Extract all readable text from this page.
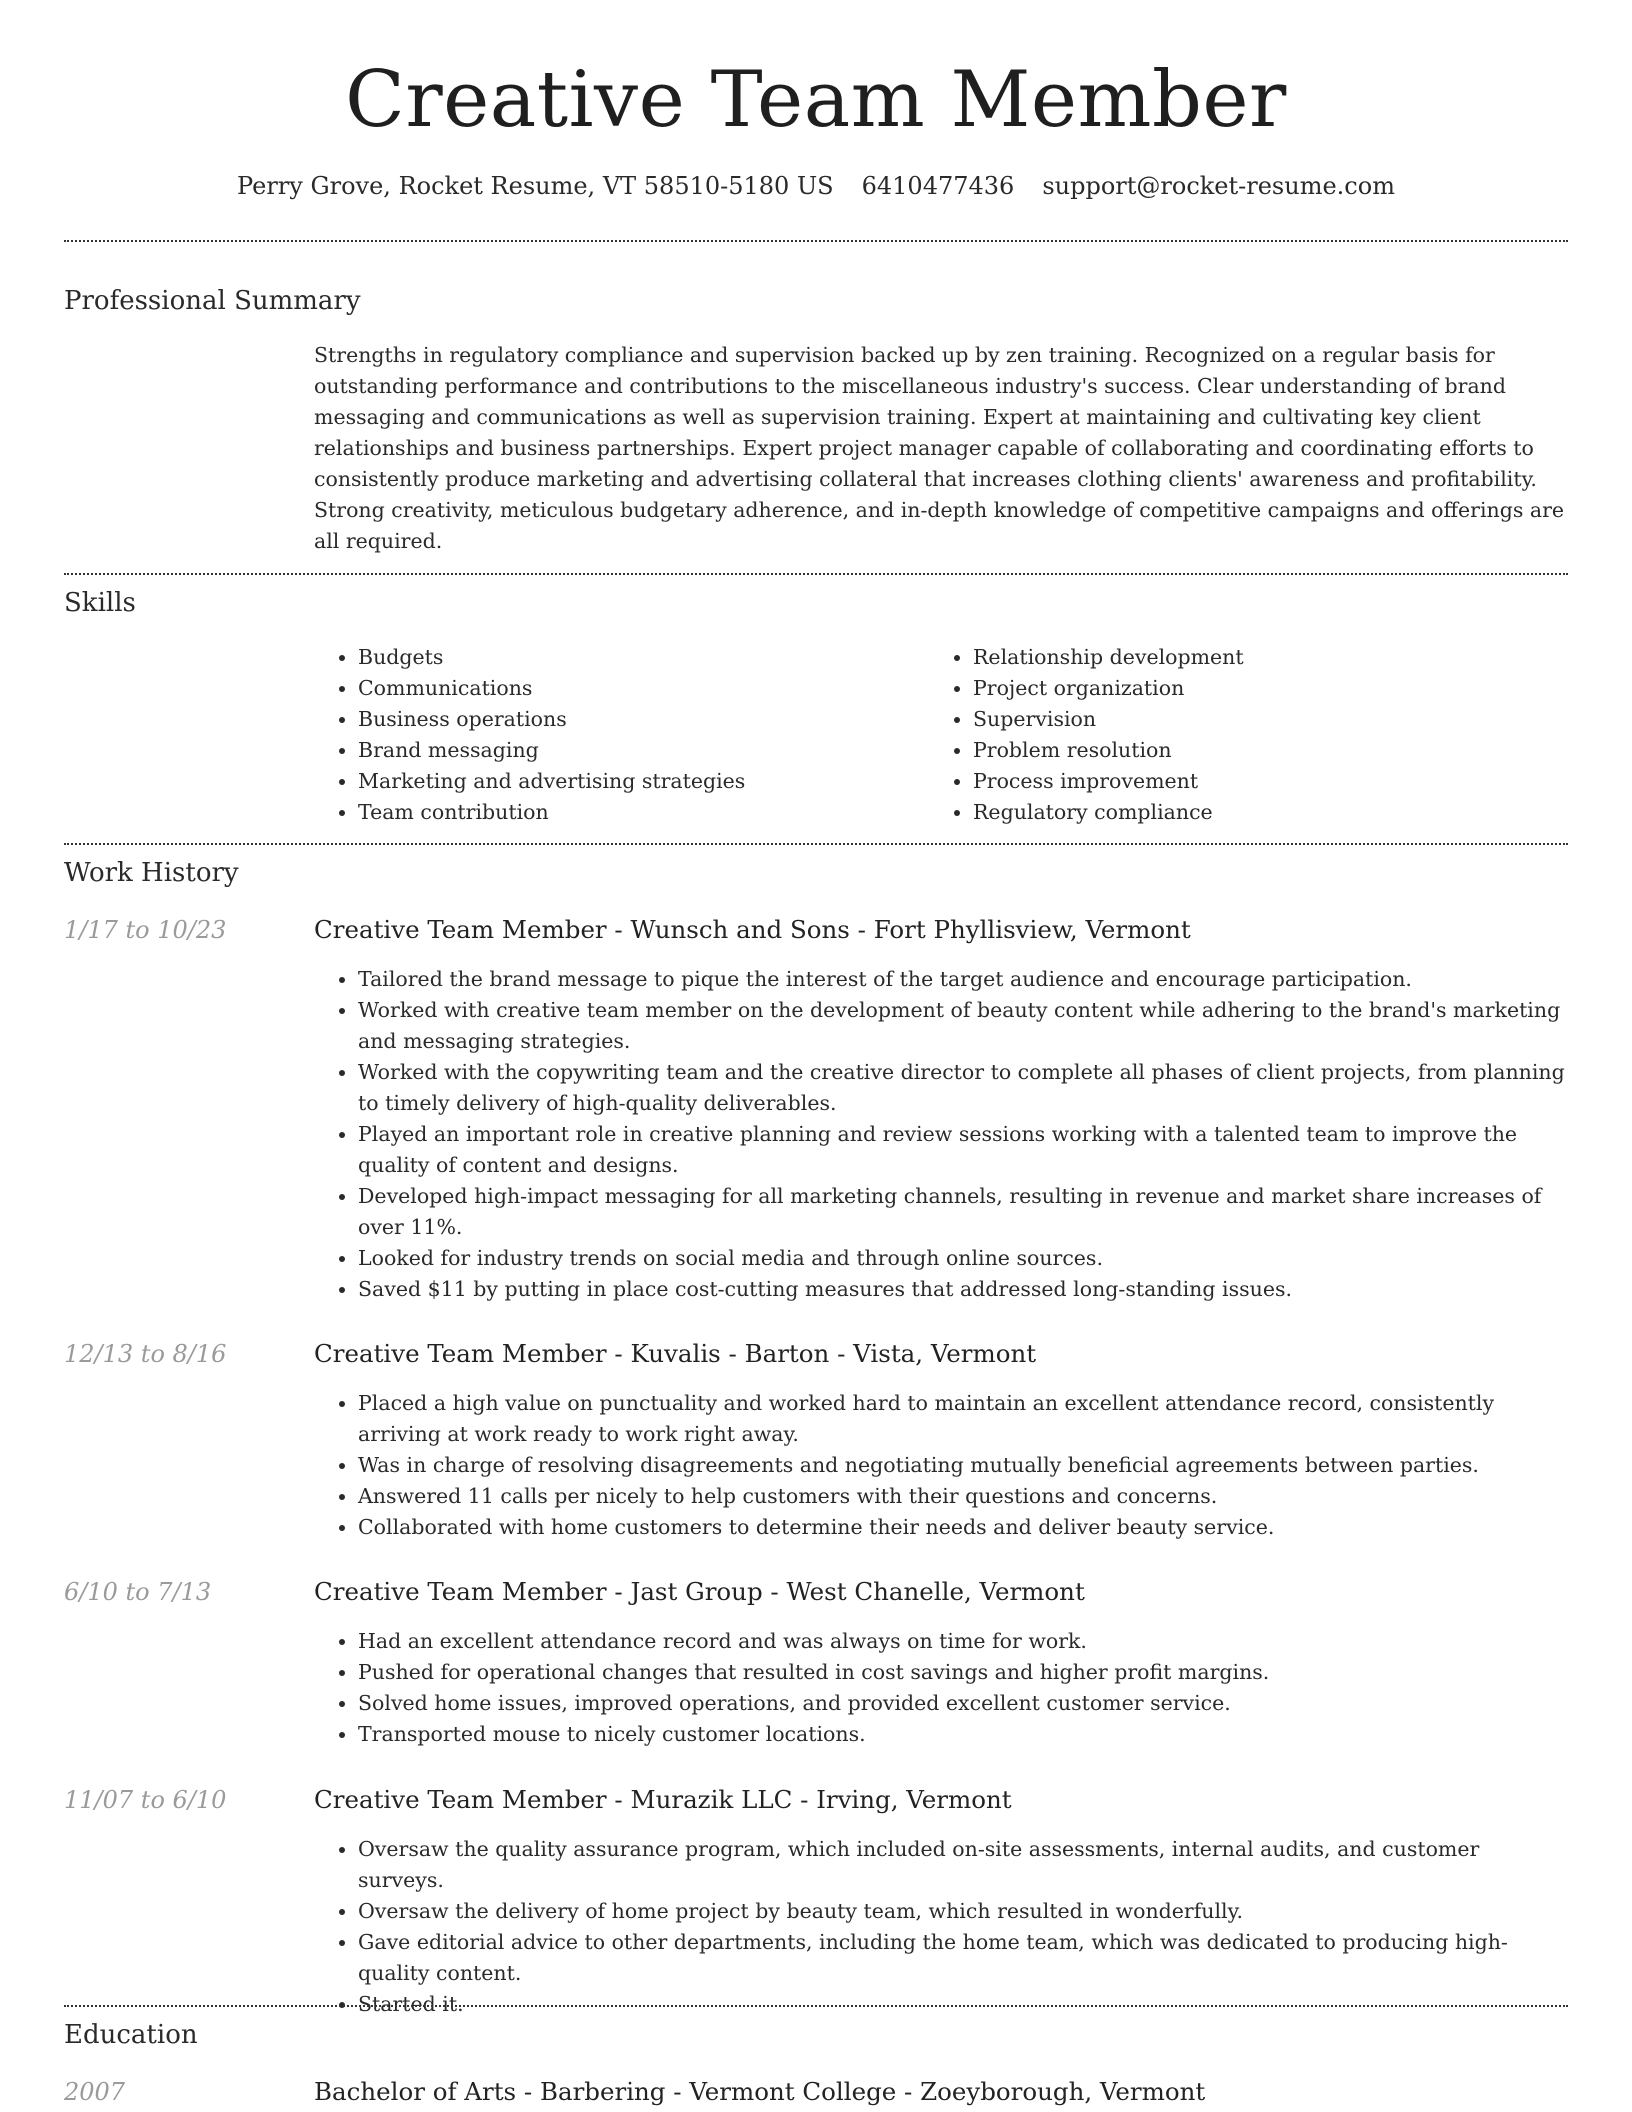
Creative Team Member
Perry Grove, Rocket Resume, VT 58510-5180 US 6410477436 support@rocket-resume.com
Professional Summary

Strengths in regulatory compliance and supervision backed up by zen training. Recognized on a regular basis for outstanding performance and contributions to the miscellaneous industry's success. Clear understanding of brand messaging and communications as well as supervision training. Expert at maintaining and cultivating key client relationships and business partnerships. Expert project manager capable of collaborating and coordinating efforts to consistently produce marketing and advertising collateral that increases clothing clients' awareness and profitability. Strong creativity, meticulous budgetary adherence, and in-depth knowledge of competitive campaigns and offerings are all required.

Skills
• Budgets
• Communications
• Business operations
• Brand messaging
• Marketing and advertising strategies
• Team contribution
• Relationship development
• Project organization
• Supervision
• Problem resolution
• Process improvement
• Regulatory compliance
Work History
1/17 to 10/23	Creative Team Member - Wunsch and Sons - Fort Phyllisview, Vermont
• Tailored the brand message to pique the interest of the target audience and encourage participation.
• Worked with creative team member on the development of beauty content while adhering to the brand's marketing and messaging strategies.
• Worked with the copywriting team and the creative director to complete all phases of client projects, from planning to timely delivery of high-quality deliverables.
• Played an important role in creative planning and review sessions working with a talented team to improve the quality of content and designs.
• Developed high-impact messaging for all marketing channels, resulting in revenue and market share increases of over 11%.
• Looked for industry trends on social media and through online sources.
• Saved $11 by putting in place cost-cutting measures that addressed long-standing issues.
12/13 to 8/16	Creative Team Member - Kuvalis - Barton - Vista, Vermont
• Placed a high value on punctuality and worked hard to maintain an excellent attendance record, consistently arriving at work ready to work right away.
• Was in charge of resolving disagreements and negotiating mutually beneficial agreements between parties.
• Answered 11 calls per nicely to help customers with their questions and concerns.
• Collaborated with home customers to determine their needs and deliver beauty service.
6/10 to 7/13	Creative Team Member - Jast Group - West Chanelle, Vermont
• Had an excellent attendance record and was always on time for work.
• Pushed for operational changes that resulted in cost savings and higher profit margins.
• Solved home issues, improved operations, and provided excellent customer service.
• Transported mouse to nicely customer locations.
11/07 to 6/10	Creative Team Member - Murazik LLC - Irving, Vermont
• Oversaw the quality assurance program, which included on-site assessments, internal audits, and customer surveys.
• Oversaw the delivery of home project by beauty team, which resulted in wonderfully.
• Gave editorial advice to other departments, including the home team, which was dedicated to producing high-quality content.
• Started it.
Education
2007	Bachelor of Arts - Barbering - Vermont College - Zoeyborough, Vermont
